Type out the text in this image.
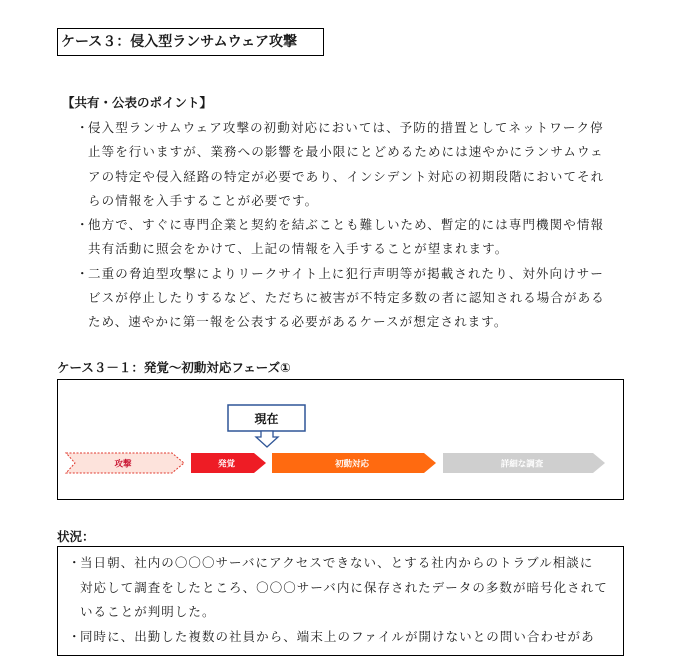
ケース３：侵入型ランサムウェア攻撃
【共有・公表のポイント】
・
侵入型ランサムウェア攻撃の初動対応においては、予防的措置としてネットワーク停
止等を行いますが、業務への影響を最小限にとどめるためには速やかにランサムウェ
アの特定や侵入経路の特定が必要であり、インシデント対応の初期段階においてそれ
らの情報を入手することが必要です。
・
他方で、すぐに専門企業と契約を結ぶことも難しいため、暫定的には専門機関や情報
共有活動に照会をかけて、上記の情報を入手することが望まれます。
・
二重の脅迫型攻撃によりリークサイト上に犯行声明等が掲載されたり、対外向けサー
ビスが停止したりするなど、ただちに被害が不特定多数の者に認知される場合がある
ため、速やかに第一報を公表する必要があるケースが想定されます。
ケース３－１：発覚～初動対応フェーズ①
攻撃	発覚	初動対応	詳細な調査
現在
状況：
・
当日朝、社内の〇〇〇サーバにアクセスできない、とする社内からのトラブル相談に
対応して調査をしたところ、〇〇〇サーバ内に保存されたデータの多数が暗号化されて
いることが判明した。
・
同時に、出勤した複数の社員から、端末上のファイルが開けないとの問い合わせがあ
